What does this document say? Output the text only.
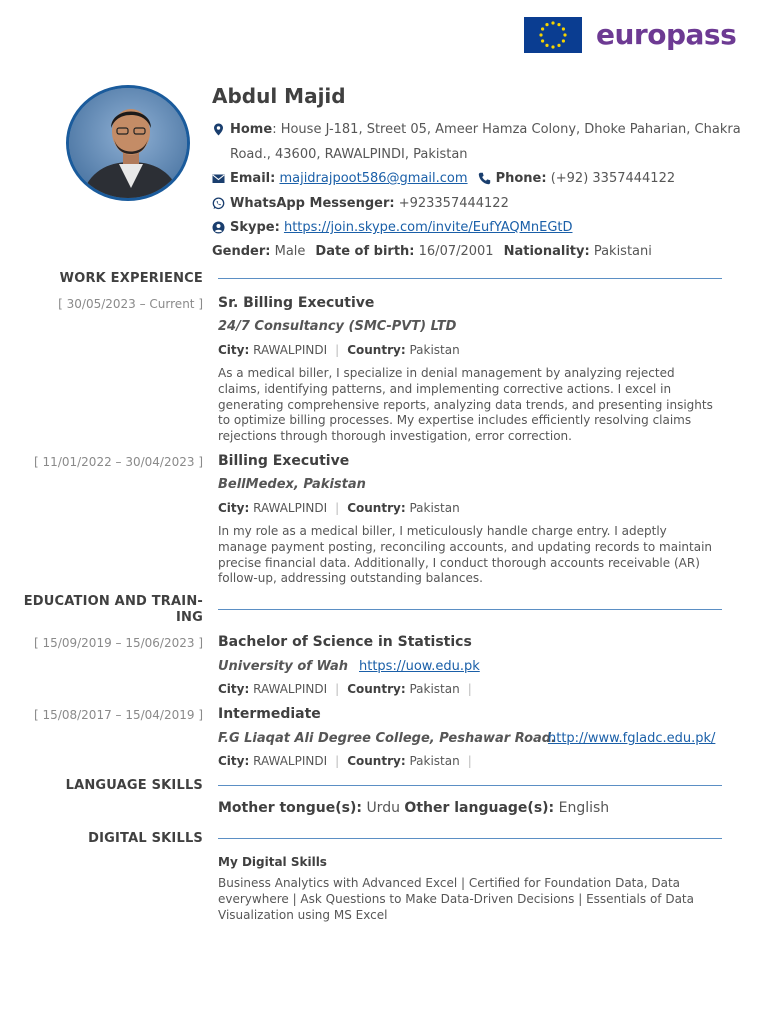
europass
Abdul Majid
Home : House J-181, Street 05, Ameer Hamza Colony, Dhoke Paharian, Chakra
Road., 43600, RAWALPINDI, Pakistan
Email:
majidrajpoot586@gmail.com Phone:
(+92) 3357444122
WhatsApp Messenger:
+923357444122
Skype:
https://join.skype.com/invite/EufYAQMnEGtD
Gender:
Male Date of birth:
16/07/2001 Nationality:
Pakistani
WORK EXPERIENCE
[ 30/05/2023 – Current ] Sr. Billing Executive
24/7 Consultancy (SMC-PVT) LTD
City: RAWALPINDI | Country: Pakistan
As a medical biller, I specialize in denial management by analyzing rejected claims, identifying patterns, and implementing corrective actions. I excel in generating comprehensive reports, analyzing data trends, and presenting insights to optimize billing processes. My expertise includes efficiently resolving claims rejections through thorough investigation, error correction.
[ 11/01/2022 – 30/04/2023 ] Billing Executive
BellMedex, Pakistan
City: RAWALPINDI | Country: Pakistan
In my role as a medical biller, I meticulously handle charge entry. I adeptly manage payment posting, reconciling accounts, and updating records to maintain precise financial data. Additionally, I conduct thorough accounts receivable (AR) follow-up, addressing outstanding balances.
EDUCATION AND TRAIN-
ING
[ 15/09/2019 – 15/06/2023 ] Bachelor of Science in Statistics
University of Wah https://uow.edu.pk
City: RAWALPINDI | Country: Pakistan |
[ 15/08/2017 – 15/04/2019 ] Intermediate
F.G Liaqat Ali Degree College, Peshawar Road.
http://www.fgladc.edu.pk/
City: RAWALPINDI | Country: Pakistan |
LANGUAGE SKILLS
Mother tongue(s): Urdu Other language(s): English
DIGITAL SKILLS
My Digital Skills
Business Analytics with Advanced Excel | Certified for Foundation Data, Data everywhere | Ask Questions to Make Data-Driven Decisions | Essentials of Data Visualization using MS Excel
